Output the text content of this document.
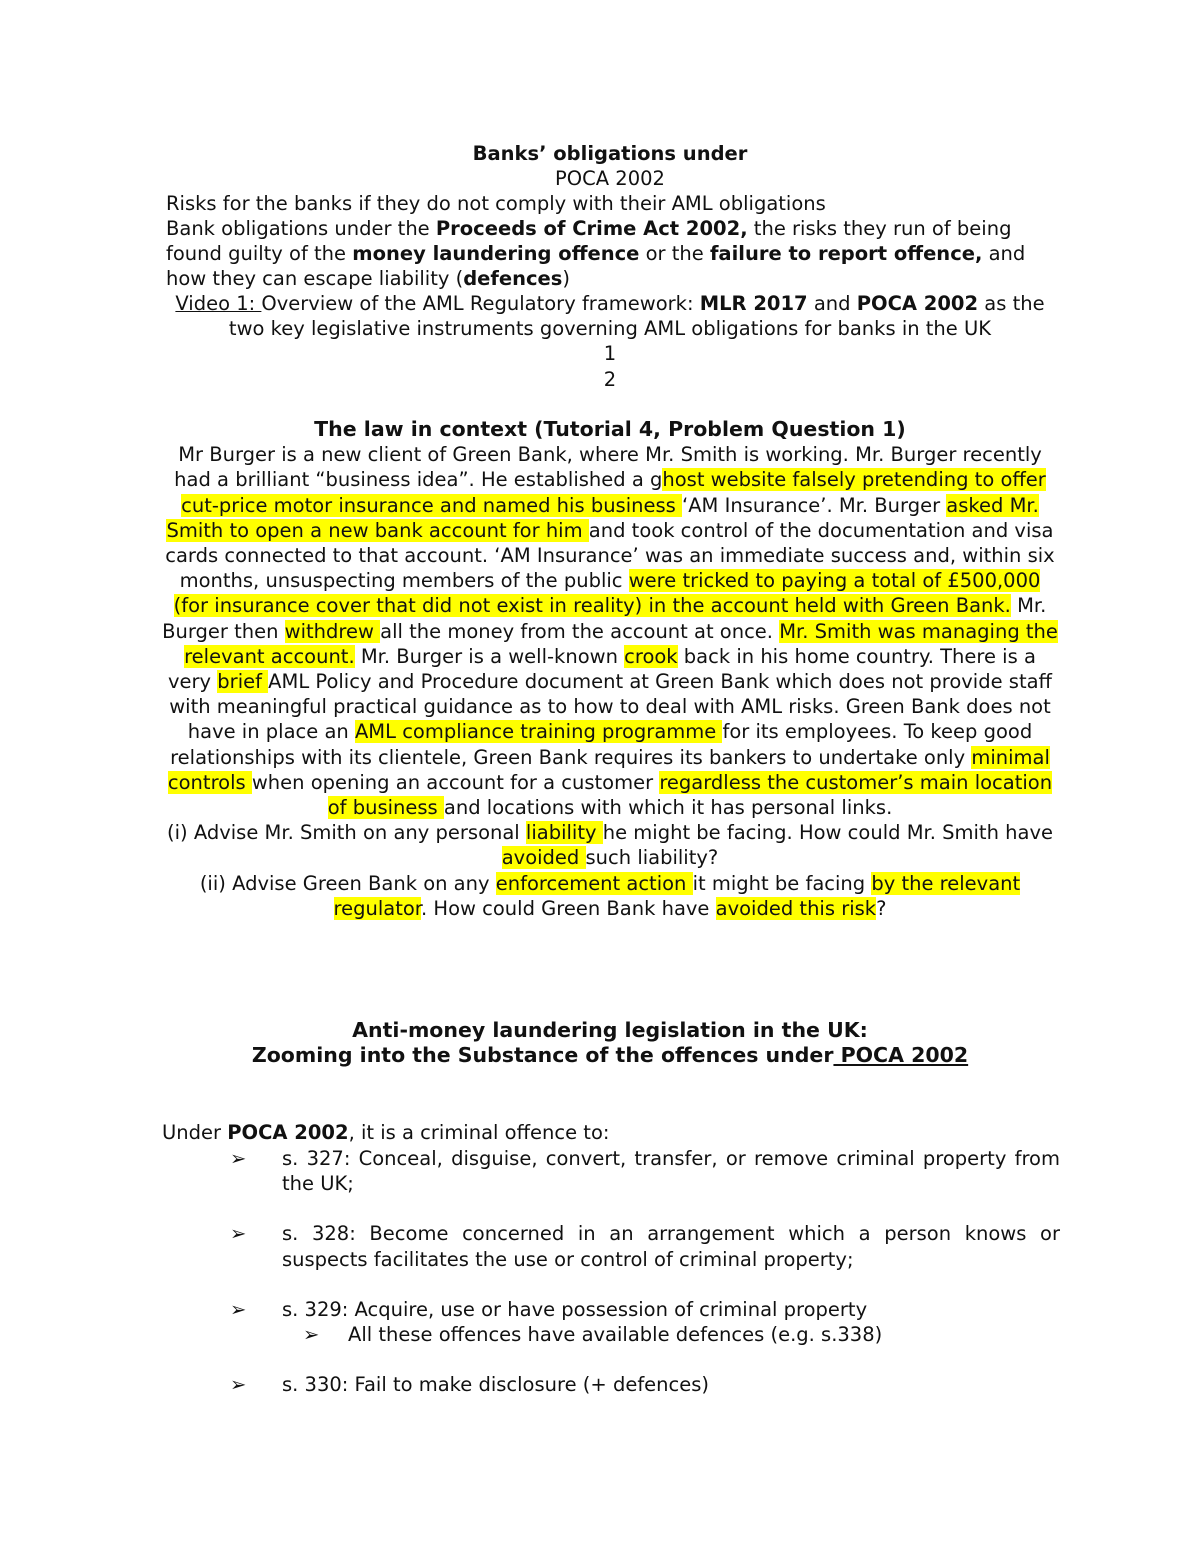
Banks’ obligations under

POCA 2002

Risks for the banks if they do not comply with their AML obligations

Bank obligations under the Proceeds of Crime Act 2002, the risks they run of being found guilty of the money laundering offence or the failure to report offence, and how they can escape liability (defences)

Video 1: Overview of the AML Regulatory framework: MLR 2017 and POCA 2002 as the two key legislative instruments governing AML obligations for banks in the UK

1

2

The law in context (Tutorial 4, Problem Question 1)

Mr Burger is a new client of Green Bank, where Mr. Smith is working. Mr. Burger recently had a brilliant “business idea”. He established a ghost website falsely pretending to offer cut-price motor insurance and named his business ‘AM Insurance’. Mr. Burger asked Mr. Smith to open a new bank account for him and took control of the documentation and visa cards connected to that account. ‘AM Insurance’ was an immediate success and, within six months, unsuspecting members of the public were tricked to paying a total of £500,000 (for insurance cover that did not exist in reality) in the account held with Green Bank. Mr. Burger then withdrew all the money from the account at once. Mr. Smith was managing the relevant account. Mr. Burger is a well-known crook back in his home country. There is a very brief AML Policy and Procedure document at Green Bank which does not provide staff with meaningful practical guidance as to how to deal with AML risks. Green Bank does not have in place an AML compliance training programme for its employees. To keep good relationships with its clientele, Green Bank requires its bankers to undertake only minimal controls when opening an account for a customer regardless the customer’s main location of business and locations with which it has personal links.

(i) Advise Mr. Smith on any personal liability he might be facing. How could Mr. Smith have avoided such liability?

(ii) Advise Green Bank on any enforcement action it might be facing by the relevant regulator. How could Green Bank have avoided this risk?

Anti-money laundering legislation in the UK:

Zooming into the Substance of the offences under POCA 2002

Under POCA 2002, it is a criminal offence to:

➢ s. 327: Conceal, disguise, convert, transfer, or remove criminal property from the UK;

➢ s. 328: Become concerned in an arrangement which a person knows or suspects facilitates the use or control of criminal property;

➢ s. 329: Acquire, use or have possession of criminal property

➢ All these offences have available defences (e.g. s.338)

➢ s. 330: Fail to make disclosure (+ defences)
